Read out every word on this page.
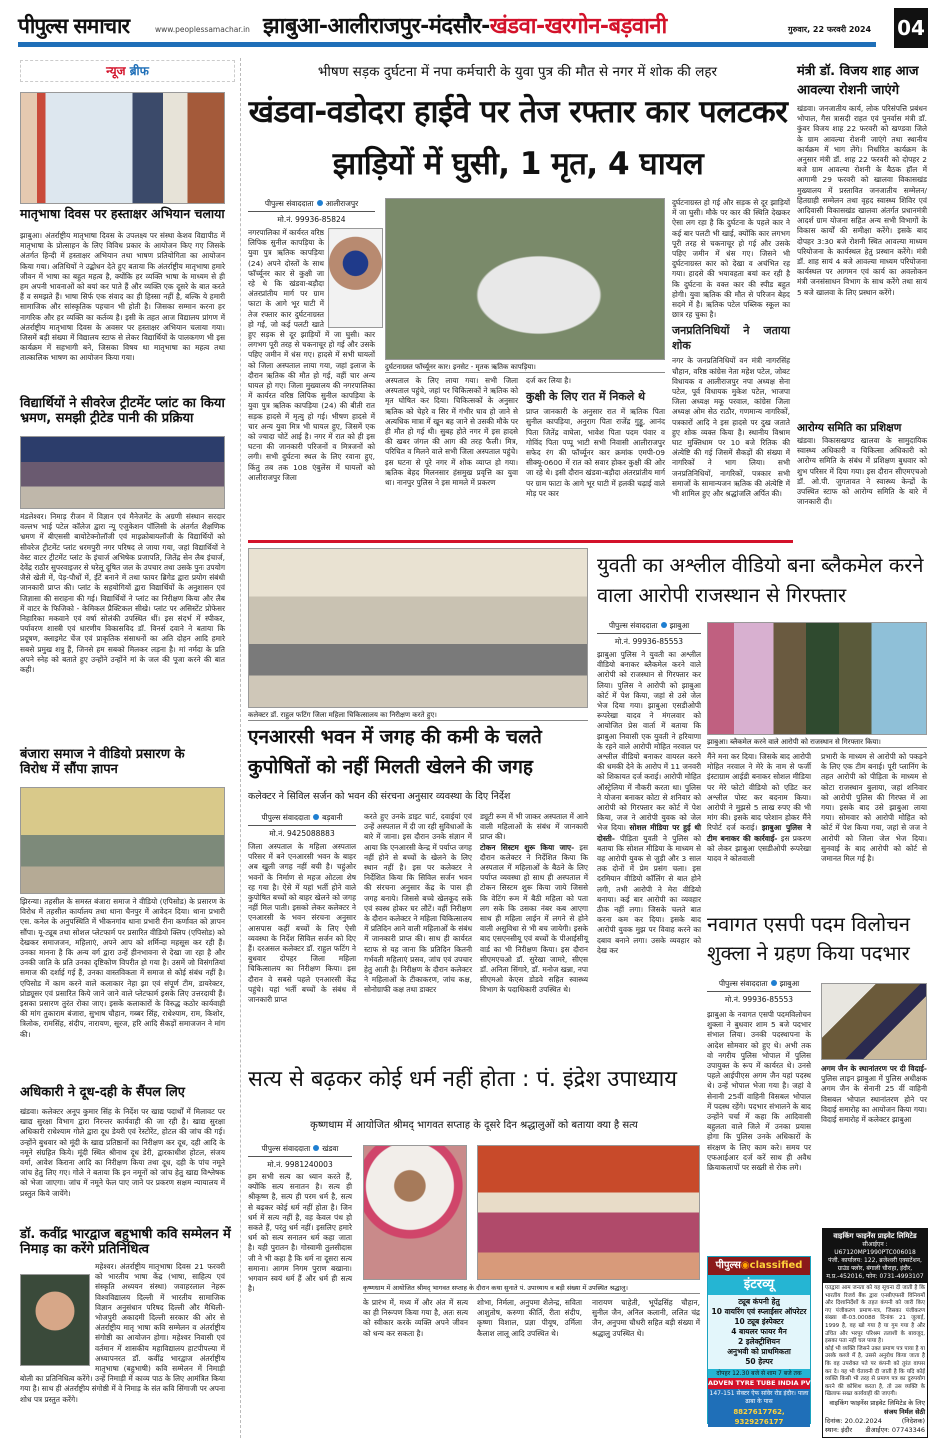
पीपुल्स समाचार	www.peoplessamachar.in झाबुआ-आलीराजपुर-मंदसौर-खंडवा-खरगोन-बड़वानी	गुरुवार, 22 फरवरी 2024 04
न्यूज ब्रीफ
मातृभाषा दिवस पर हस्ताक्षर अभियान चलाया
झाबुआ। अंतर्राष्ट्रीय मातृभाषा दिवस के उपलक्ष्य पर संस्था केशव विद्यापीठ में मातृभाषा के प्रोत्साहन के लिए विविध प्रकार के आयोजन किए गए जिसके अंतर्गत हिन्दी में हस्ताक्षर अभियान तथा भाषण प्रतियोगिता का आयोजन किया गया। अतिथियों ने उद्बोधन देते हुए बताया कि अंतर्राष्ट्रीय मातृभाषा हमारे जीवन में भाषा का बहुत महत्व है, क्योंकि हर व्यक्ति भाषा के माध्यम से ही हम अपनी भावनाओं को बयां कर पाते हैं और व्यक्ति एक दूसरे के बात करते हैं व समझते हैं। भाषा सिर्फ एक संवाद का ही हिस्सा नहीं है, बल्कि ये हमारी सामाजिक और सांस्कृतिक पहचान भी होती है। जिसका सम्मान करना हर नागरिक और हर व्यक्ति का कर्तव्य है। इसी के तहत आज विद्यालय प्रांगण में अंतर्राष्ट्रीय मातृभाषा दिवस के अवसर पर हस्ताक्षर अभियान चलाया गया। जिसमें बड़ी संख्या में विद्यालय स्टाफ से लेकर विद्यार्थियों के पालकगण भी इस कार्यक्रम में सहभागी बने, जिसका विषय था मातृभाषा का महत्व तथा तात्कालिक भाषण का आयोजन किया गया।
विद्यार्थियों ने सीवरेज ट्रीटमेंट प्लांट का किया भ्रमण, समझी ट्रीटेड पानी की प्रक्रिया
मंडलेश्वर। निमाड़ रीजन में विज्ञान एवं मैनेजमेंट के अग्रणी संस्थान सरदार वल्लभ भाई पटेल कॉलेज द्वारा न्यू एजुकेशन पॉलिसी के अंतर्गत शैक्षणिक भ्रमण में बीएससी बायोटेक्नोलॉजी एवं माइक्रोबायलॉजी के विद्यार्थियों को सीवरेज ट्रीटमेंट प्लांट धरमपुरी नगर परिषद ले जाया गया, जहां विद्यार्थियों ने वेस्ट वाटर ट्रीटमेंट प्लांट के इंचार्ज अभिषेक प्रजापति, जितेंद्र सेन लैब इंचार्ज, देवेंद्र राठौर सुपरवाइजर से घरेलू दूषित जल के उपचार तथा उसके पुनः उपयोग जैसे खेती में, पेड़-पौधों में, ईंटें बनाने में तथा फायर ब्रिगेड द्वारा प्रयोग संबंधी जानकारी प्राप्त की। प्लांट के सहयोगियों द्वारा विद्यार्थियों के अनुशासन एवं जिज्ञासा की सराहना की गई। विद्यार्थियों ने प्लांट का निरीक्षण किया और लैब में वाटर के फिजिको - केमिकल प्रैक्टिकल सीखे। प्लांट पर असिस्टेंट प्रोफेसर निहारिका मकवाने एवं वर्षा सोलंकी उपस्थित थीं। इस संदर्भ में स्पीकर, पर्यावरण शास्त्री एवं धारणीय विकासविद डॉ. विनर्स दवाने ने बताया कि प्रदूषण, क्लाइमेट चेंज एवं प्राकृतिक संसाधनों का अति दोहन आदि हमारे सबसे प्रमुख शत्रु हैं, जिनसे हम सबको मिलकर लड़ना है। मां नर्मदा के प्रति अपने स्नेह को बताते हुए उन्होंने उन्होंने मां के जल की पूजा करने की बात कही।
बंजारा समाज ने वीडियो प्रसारण के विरोध में सौंपा ज्ञापन
झिरन्या। तहसील के समस्त बंजारा समाज ने वीडियो (एपिसोड) के प्रसारण के विरोध में तहसील कार्यालय तथा थाना चैनपुर में आवेदन दिया। थाना प्रभारी एस. कनेल के अनुपस्थिति में भीकनगांव थाना प्रभारी रीना कर्णावत को ज्ञापन सौंपा। यू-ट्यूब तथा सोशल प्लेटफार्म पर प्रसारित वीडियो क्लिप (एपिसोड) को देखकर समाजजन, महिलाएं, अपने आप को शर्मिन्दा महसूस कर रही हैं। उनका मानना है कि अन्य वर्ग द्वारा उन्हें हीनभावना से देखा जा रहा है और उनकी जाति के प्रति उनका दृष्टिकोण विपरीत हो गया है। उसमें जो विसंगतियां समाज की दर्शाई गई हैं, उनका वास्तविकता में समाज से कोई संबंध नहीं है। एपिसोड में काम करने वाले कलाकार नेहा झा एवं संपूर्ण टीम, डायरेक्टर, प्रोड्यूसर एवं प्रसारित किये जाने जाने वाले प्लेटफार्म इसके लिए उत्तरदायी हैं। इसका प्रसारण तुरंत रोका जाए। इसके कलाकारों के विरुद्ध कठोर कार्यवाही की मांग तुकाराम बंजारा, सुभाष चौहान, गब्बर सिंह, राधेश्याम, राम, किशोर, त्रिलोक, रामसिंह, संदीप, नारायण, सूरज, हरि आदि सैकड़ों समाजजन ने मांग की।
अधिकारी ने दूध-दही के सैंपल लिए
खंडवा। कलेक्टर अनूप कुमार सिंह के निर्देश पर खाद्य पदार्थों में मिलावट पर खाद्य सुरक्षा विभाग द्वारा निरन्तर कार्यवाही की जा रही है। खाद्य सुरक्षा अधिकारी राधेश्याम गोले द्वारा दूध डेयरी एवं रेस्टोरेंट, होटल की जांच की गई। उन्होंने बुधवार को मूंदी के खाद्य प्रतिष्ठानों का निरीक्षण कर दूध, दही आदि के नमूने संग्रहित किये। मूंदी स्थित श्रीनाथ दूध डेरी, द्वारकाधीश होटल, संजय वर्मा, आवेश किराना आदि का निरीक्षण किया तथा दूध, दही के पांच नमूने जांच हेतु लिए गए। गोले ने बताया कि इन नमूनों को जांच हेतु खाद्य विश्लेषक को भेजा जाएगा। जांच में नमूने फेल पाए जाने पर प्रकरण सक्षम न्यायालय में प्रस्तुत किये जायेंगे।
डॉ. कवींद्र भारद्वाज बहुभाषी कवि सम्मेलन में निमाड़ का करेंगे प्रतिनिधित्व
महेश्वर। अंतर्राष्ट्रीय मातृभाषा दिवस 21 फरवरी को भारतीय भाषा केंद्र (भाषा, साहित्य एवं संस्कृति अध्ययन संस्था) जवाहरलाल नेहरू विश्वविद्यालय दिल्ली में भारतीय सामाजिक विज्ञान अनुसंधान परिषद दिल्ली और मैथिली-भोजपुरी अकादमी दिल्ली सरकार की ओर से अंतर्राष्ट्रीय मातृ भाषा कवि सम्मेलन व अंतर्राष्ट्रीय संगोष्ठी का आयोजन होगा। महेश्वर निवासी एवं वर्तमान में शासकीय महाविद्यालय हाटपीपल्या में अध्यापनरत डॉ. कवींद्र भारद्वाज अंतर्राष्ट्रीय मातृभाषा (बहुभाषी) कवि सम्मेलन में निमाड़ी बोली का प्रतिनिधित्व करेंगे। उन्हें निमाड़ी में काव्य पाठ के लिए आमंत्रित किया गया है। साथ ही अंतर्राष्ट्रीय संगोष्ठी में वे निमाड़ के संत कवि सिंगाजी पर अपना शोध पत्र प्रस्तुत करेंगे।
भीषण सड़क दुर्घटना में नपा कर्मचारी के युवा पुत्र की मौत से नगर में शोक की लहर
खंडवा-वडोदरा हाईवे पर तेज रफ्तार कार पलटकर झाड़ियों में घुसी, 1 मृत, 4 घायल
पीपुल्स संवाददाता आलीराजपुर
मो.नं. 99936-85824
नगरपालिका में कार्यरत वरिष्ठ लिपिक सुनील कापड़िया के युवा पुत्र ऋतिक कापड़िया (24) अपने दोस्तों के साथ फॉर्च्यूनर कार से कुक्षी जा रहे थे कि खंडवा-बड़ौदा अंतरप्रांतीय मार्ग पर ग्राम फाटा के आगे भूर घाटी में तेज रफ्तार कार दुर्घटनाग्रस्त हो गई, जो कई पलटी खाते हुए सड़क से दूर झाड़ियों में जा घुसी। कार लगभग पूरी तरह से चकनाचूर हो गई और उसके पहिए जमीन में धंस गए। हादसे में सभी घायलों को जिला अस्पताल लाया गया, जहां इलाज के दौरान ऋतिक की मौत हो गई, वहीं चार अन्य घायल हो गए। जिला मुख्यालय की नगरपालिका में कार्यरत वरिष्ठ लिपिक सुनील कापड़िया के युवा पुत्र ऋतिक कापड़िया (24) की बीती रात सड़क हादसे में मृत्यु हो गई। भीषण हादसे में चार अन्य युवा मित्र भी घायल हुए, जिसमें एक को ज्यादा चोटें आई है। नगर में रात को ही इस घटना की जानकारी परिजनों व मित्रजनों को लगी। सभी दुर्घटना स्थल के लिए रवाना हुए, किंतु तब तक 108 एंबुलेंस में घायलों को आलीराजपुर जिला
दुर्घटनाग्रस्त फॉर्च्यूनर कार। इनसेट - मृतक ऋतिक कापड़िया।
अस्पताल के लिए लाया गया। सभी जिला अस्पताल पहुंचे, जहां पर चिकित्सकों ने ऋतिक को मृत घोषित कर दिया। चिकित्सकों के अनुसार ऋतिक को चेहरे व सिर में गंभीर घाव हो जाने से अत्यधिक मात्रा में खून बह जाने से उसकी मौके पर ही मौत हो गई थी। सुबह होते नगर में इस हादसे की खबर जंगल की आग की तरह फैली। मित्र, परिचित व मिलने वाले सभी जिला अस्पताल पहुंचे। इस घटना से पूरे नगर में शोक व्याप्त हो गया। ऋतिक बेहद मिलनसार हंसमुख प्रवृत्ति का युवा था। नानपुर पुलिस ने इस मामले में प्रकरण
दर्ज कर लिया है।
कुक्षी के लिए रात में निकले थे
प्राप्त जानकारी के अनुसार रात में ऋतिक पिता सुनील कापड़िया, अनुराग पिता राजेंद्र गुड्डू, आनंद पिता जितेंद्र वाघेला, भावेश पिता पदम पंवार व गोविंद पिता पप्पू भाटी सभी निवासी आलीराजपुर सफेद रंग की फॉर्च्यूनर कार क्रमांक एमपी-09 सीक्यू-0600 में रात को सवार होकर कुक्षी की ओर जा रहे थे। इसी दौरान खंडवा-बड़ौदा अंतरप्रांतीय मार्ग पर ग्राम फाटा के आगे भूर घाटी में हलकी चढ़ाई वाले मोड़ पर कार
दुर्घटनाग्रस्त हो गई और सड़क से दूर झाड़ियों में जा घुसी। मौके पर कार की स्थिति देखकर ऐसा लग रहा है कि दुर्घटना के पहले कार ने कई बार पलटी भी खाई, क्योंकि कार लगभग पूरी तरह से चकनाचूर हो गई और उसके पहिए जमीन में धंस गए। जिसने भी दुर्घटनाग्रस्त कार को देखा व अचंभित रह गया। हादसे की भयावहता बयां कर रही है कि दुर्घटना के वक्त कार की स्पीड बहुत होगी। युवा ऋतिक की मौत से परिजन बेहद सदमे में है। ऋतिक पटेल पब्लिक स्कूल का छात्र रह चुका है।
जनप्रतिनिधियों ने जताया शोक
नगर के जनप्रतिनिधियों वन मंत्री नागरसिंह चौहान, वरिष्ठ कांग्रेस नेता महेश पटेल, जोबट विधायक व आलीराजपुर नपा अध्यक्ष सेना पटेल, पूर्व विधायक मुकेश पटेल, भाजपा जिला अध्यक्ष मकू परवाल, कांग्रेस जिला अध्यक्ष ओम सेठ राठौर, गणमान्य नागरिकों, पत्रकारों आदि ने इस हादसे पर दुख जताते हुए शोक व्यक्त किया है। स्थानीय विश्राम घाट मुक्तिधाम पर 10 बजे रितिक की अंत्येष्टि की गई जिसमें सैकड़ों की संख्या में नागरिकों ने भाग लिया। सभी जनप्रतिनिधियों, नागरिकों, पत्रकार सभी समाजों के सामान्यजन ऋतिक की अंत्येष्टि में भी शामिल हुए और श्रद्धांजलि अर्पित की।
मंत्री डॉ. विजय शाह आज आवल्या रोशनी जाएंगे
खंडवा। जनजातीय कार्य, लोक परिसंपत्ति प्रबंधन भोपाल, गैस त्रासदी राहत एवं पुनर्वास मंत्री डॉ. कुंवर विजय शाह 22 फरवरी को खण्डवा जिले के ग्राम आवल्या रोशनी जाएंगे तथा स्थानीय कार्यक्रम में भाग लेंगे। निर्धारित कार्यक्रम के अनुसार मंत्री डॉ. शाह 22 फरवरी को दोपहर 2 बजे ग्राम आवल्या रोशनी के बैठक हॉल में आगामी 29 फरवरी को खालवा विकासखंड मुख्यालय में प्रस्तावित जनजातीय सम्मेलन/हितग्राही सम्मेलन तथा वृहद स्वास्थ्य शिविर एवं आदिवासी विकासखंड खालवा अंतर्गत प्रधानमंत्री आदर्श ग्राम योजना सहित अन्य सभी विभागों के विकास कार्यों की समीक्षा करेंगे। इसके बाद दोपहर 3:30 बजे रोशनी स्थित आवल्या माध्यम परियोजना के कार्यस्थल हेतु प्रस्थान करेंगे। मंत्री डॉ. शाह सायं 4 बजे आवल्या माध्यम परियोजना कार्यस्थल पर आगमन एवं कार्य का अवलोकन मंत्री जनसंसाधन विभाग के साथ करेंगे तथा सायं 5 बजे खालवा के लिए प्रस्थान करेंगे।
आरोग्य समिति का प्रशिक्षण
खंडवा। विकासखण्ड खालवा के सामुदायिक स्वास्थ्य अधिकारी व चिकित्सा अधिकारी को आरोग्य समिति के संबंध में प्रशिक्षण बुधवार को शुभ परिसर में दिया गया। इस दौरान सीएमएचओ डॉ. ओ.पी. जुगतावत ने स्वास्थ्य केन्द्रों के उपस्थित स्टाफ को आरोग्य समिति के बारे में जानकारी दी।
कलेक्टर डॉ. राहुल फटिंग जिला महिला चिकित्सालय का निरीक्षण करते हुए।
एनआरसी भवन में जगह की कमी के चलते कुपोषितों को नहीं मिलती खेलने की जगह
कलेक्टर ने सिविल सर्जन को भवन की संरचना अनुसार व्यवस्था के दिए निर्देश
पीपुल्स संवाददाता बड़वानी
मो.नं. 9425088883
जिला अस्पताल के महिला अस्पताल परिसर में बने एनआरसी भवन के बाहर अब खुली जगह नहीं बची है। चहुंओर भवनों के निर्माण से महज ओटला शेष रह गया है। ऐसे में यहां भर्ती होने वाले कुपोषित बच्चों को बाहर खेलने को जगह नहीं मिल पाती। इसको लेकर कलेक्टर ने एनआरसी के भवन संरचना अनुसार आसपास कहीं बच्चों के लिए ऐसी व्यवस्था के निर्देश सिविल सर्जन को दिए हैं। दरअसल कलेक्टर डॉ. राहुल फटिंग ने बुधवार दोपहर जिला महिला चिकित्सालय का निरीक्षण किया। इस दौरान वे सबसे पहले एनआरसी केंद्र पहुंचे। यहां भर्ती बच्चों के संबंध में जानकारी प्राप्त
करते हुए उनके डाइट चार्ट, दवाईयां एवं उन्हें अस्पताल में दी जा रही सुविधाओं के बारे में जाना। इस दौरान उनके संज्ञान में आया कि एनआरसी केन्द्र में पर्याप्त जगह नहीं होने से बच्चों के खेलने के लिए स्थान नहीं है। इस पर कलेक्टर ने निर्देशित किया कि सिविल सर्जन भवन की संरचना अनुसार केंद्र के पास ही जगह बनाये। जिससे बच्चे खेलकूद सकें एवं स्वस्थ होकर घर लौटें। वहीं निरीक्षण के दौरान कलेक्टर ने महिला चिकित्सालय में प्रतिदिन आने वाली महिलाओं के संबंध में जानकारी प्राप्त की। साथ ही कार्यरत स्टाफ से यह जाना कि प्रतिदिन कितनी गर्भवती महिलाएं प्रसव, जांच एवं उपचार हेतु आती है। निरीक्षण के दौरान कलेक्टर ने महिलाओं के टीकाकरण, जांच कक्ष, सोनोग्राफी कक्ष तथा डाक्टर
ड्यूटी रूम में भी जाकर अस्पताल में आने वाली महिलाओं के संबंध में जानकारी प्राप्त की।
टोकन सिस्टम शुरू किया जाए- इस दौरान कलेक्टर ने निर्देशित किया कि अस्पताल में महिलाओं के बैठने के लिए पर्याप्त व्यवस्था हो साथ ही अस्पताल में टोकन सिस्टम शुरू किया जाये जिससे कि वेटिंग रूम में बैठी महिला को पता लग सके कि उसका नंबर कब आएगा साथ ही महिला लाईन में लगने से होने वाली असुविधा से भी बच जायेगी। इसके बाद एसएनसीयू एवं बच्चों के पीआईसीयू वार्ड का भी निरीक्षण किया। इस दौरान सीएमएचओ डॉ. सुरेखा जामरे, सीएस डॉ. अनिता सिंगारे, डॉ. मनोज खन्ना, नपा सीएमओ केएस डोडवे सहित स्वास्थ्य विभाग के पदाधिकारी उपस्थित थे।
युवती का अश्लील वीडियो बना ब्लैकमेल करने वाला आरोपी राजस्थान से गिरफ्तार
पीपुल्स संवाददाता झाबुआ
मो.नं. 99936-85553
झाबुआ पुलिस ने युवती का अश्लील वीडियो बनाकर ब्लैकमेल करने वाले आरोपी को राजस्थान से गिरफ्तार कर लिया। पुलिस ने आरोपी को झाबुआ कोर्ट में पेश किया, जहां से उसे जेल भेज दिया गया। झाबुआ एसडीओपी रूपरेखा यादव ने मंगलवार को आयोजित प्रेस वार्ता में बताया कि झाबुआ निवासी एक युवती ने हरियाणा के रहने वाले आरोपी मोहित नरवाल पर अश्लील वीडियो बनाकर वायरल करने की धमकी देने के आरोप में 11 जनवरी को शिकायत दर्ज कराई। आरोपी मोहित ऑस्ट्रेलिया में नौकरी करता था। पुलिस ने योजना बनाकर कोटा से शनिवार को आरोपी को गिरफ्तार कर कोर्ट में पेश किया, जज ने आरोपी युवक को जेल भेज दिया। सोशल मीडिया पर हुई थी दोस्ती- पीड़िता युवती ने पुलिस को बताया कि सोशल मीडिया के माध्यम से वह आरोपी युवक से जुड़ी और 3 साल तक दोनों में प्रेम प्रसंग चला। इस दरमियान वीडियो कॉलिंग से बात होने लगी, तभी आरोपी ने मेरा वीडियो बनाया। कई बार आरोपी का व्यवहार ठीक नहीं लगा। जिसके चलते बात करना कम कर दिया। इसके बाद आरोपी युवक मुझ पर विवाह करने का दबाव बनाने लगा। उसके व्यवहार को देख कर
झाबुआ। ब्लैकमेल करने वाले आरोपी को राजस्थान से गिरफ्तार किया।
मैंने मना कर दिया। जिसके बाद आरोपी मोहित नरवाल ने मेरे के नाम से फर्जी इंस्टाग्राम आईडी बनाकर सोशल मीडिया पर मेरे फोटो वीडियो को एडिट कर अश्लील पोस्ट कर बदनाम किया। आरोपी ने मुझसे 5 लाख रुपए की भी मांग की। इसके बाद परेशान होकर मैंने रिपोर्ट दर्ज कराई। झाबुआ पुलिस ने टीम बनाकर की कार्रवाई- इस प्रकरण को लेकर झाबुआ एसडीओपी रूपरेखा यादव ने कोतवाली
प्रभारी के माध्यम से आरोपी को पकड़ने के लिए एक टीम बनाई। पूरी प्लानिंग के तहत आरोपी को पीड़िता के माध्यम से कोटा राजस्थान बुलाया, जहां शनिवार को आरोपी पुलिस की गिरफ्त में आ गया। इसके बाद उसे झाबुआ लाया गया। सोमवार को आरोपी मोहित को कोर्ट में पेश किया गया, जहां से जज ने आरोपी को जिला जेल भेज दिया। सुनवाई के बाद आरोपी को कोर्ट से जमानत मिल गई है।
नवागत एसपी पदम विलोचन शुक्ला ने ग्रहण किया पदभार
पीपुल्स संवाददाता झाबुआ
मो.नं. 99936-85553
झाबुआ के नवागत एसपी पदमविलोचन शुक्ला ने बुधवार शाम 5 बजे पदभार संभाल लिया। उनकी पदस्थापना के आदेश सोमवार को हुए थे। अभी तक वो नगरीय पुलिस भोपाल में पुलिस उपायुक्त के रूप में कार्यरत थे। उनसे पहले आईपीएस अगम जैन यहां पदस्थ थे। उन्हें भोपाल भेजा गया है। जहां वे सेनानी 25वीं वाहिनी विसबल भोपाल में पदस्थ रहेंगे। पदभार संभालने के बाद उन्होंने चर्चा में कहा कि आदिवासी बहुलता वाले जिले में उनका प्रयास होगा कि पुलिस उनके अधिकारों के संरक्षण के लिए काम करे। समय पर एफआईआर दर्ज करें साथ ही अवैध क्रियाकलापों पर सख्ती से रोक लगे।
अगम जैन के स्थानांतरण पर दी विदाई- पुलिस लाइन झाबुआ में पुलिस अधीक्षक अगम जैन के सेनानी 25 वीं वाहिनी विसबल भोपाल स्थानांतरण होने पर विदाई समारोह का आयोजन किया गया। विदाई समारोह में कलेक्टर झाबुआ
सत्य से बढ़कर कोई धर्म नहीं होता : पं. इंद्रेश उपाध्याय
कृष्णधाम में आयोजित श्रीमद् भागवत सप्ताह के दूसरे दिन श्रद्धालुओं को बताया क्या है सत्य
पीपुल्स संवाददाता खंडवा
मो.नं. 9981240003
हम सभी सत्य का ध्यान करते हैं, क्योंकि सत्य सनातन है। सत्य ही श्रीकृष्ण है, सत्य ही परम धर्म है, सत्य से बढ़कर कोई धर्म नहीं होता है। जिन धर्म में सत्य नहीं है, वह केवल पंथ हो सकते हैं, परंतु धर्म नहीं। इसलिए हमारे धर्म को सत्य सनातन धर्म कहा जाता है। यही पुरातन है। गोस्वामी तुलसीदास जी ने भी कहा है कि धर्म ना दूसरा सत्य समाना। आगम निगम पुराण बखाना। भगवान स्वयं धर्म हैं और धर्म ही सत्य है।	कृष्णधाम में आयोजित श्रीमद् भागवत सप्ताह के दौरान कथा सुनाते पं. उपाध्याय व बड़ी संख्या में उपस्थित श्रद्धालु।
के प्रारंभ में, मध्य में और अंत में सत्य का ही निरूपण किया गया है, अतः सत्य को स्वीकार करके व्यक्ति अपने जीवन को धन्य कर सकता है।
शोभा, निर्मला, अनुपमा शैलेन्द्र, सविता आशुतोष, करुणा कीर्ति, रीता संदीप, कृष्णा विशाल, प्रज्ञा पीयूष, उर्मिला कैलाश लालू आदि उपस्थित थे।
नारायण चाहेती, भूपेंद्रसिंह चौहान, सुनील जैन, अनिल कलानी, ललित चंद्र जैन, अनुपमा चौधरी सहित बड़ी संख्या में श्रद्धालु उपस्थित थे।
पीपुल्स◉classified
इंटरव्यू
ट्यूब कंपनी हेतु
10 वायरिंग एवं स्प्लाईसर ऑपरेटर
10 ट्यूब इंस्पेक्टर
4 बायलर फायर मैन
2 इलेक्ट्रीशियन
अनुभवी को प्राथमिकता
50 हेल्पर
दोपहर 12.30 बजे से शाम 7 बजे तक
ADVEN TYRE TUBE INDIA PVT LTD
147-151 सेक्टर ऐफ सांवेर रोड इंदौर। पाला ढाबा के पास
8827617762, 9329276177
वाइकिंग फाइनेंस प्राइवेट लिमिटेड
सीआईएन : U67120MP1990PTC006018
पंजी. कार्यालय: 122, ब्रजेश्वरी एक्सटेंशन, ग्राउंड फ्लोर, बंगाली चौराहा, इंदौर, म.प्र.-452016, फोन: 0731-4993107
एतद्वारा आम जनता को यह सूचना दी जाती है कि भारतीय रिजर्व बैंक द्वारा एनबीएफसी विनियमों और दिशानिर्देशों के तहत कंपनी को जारी किए गए पंजीकरण प्रमाण-पत्र, जिसका पंजीकरण संख्या बी-03.00088 दिनांक 21 जुलाई, 1999 है, वह खो गया है या गुम गया है और उचित और भरपूर परिश्रम तलाशी के बावजूद, इसका पता नहीं चल पाया है।
कोई भी व्यक्ति जिसने उक्त प्रमाण पत्र पाया है या उसके कब्जे में है, उससे अनुरोध किया जाता है कि वह उपरोक्त पते पर कंपनी को तुरंत वापस कर दे। यह भी चेतावनी दी जाती है कि यदि कोई व्यक्ति किसी भी तरह से प्रमाण पत्र का दुरुपयोग करने की कोशिश करता है, तो उस व्यक्ति के खिलाफ सख्त कार्यवाही की जाएगी।
वाइकिंग फाइनेंस प्राइवेट लिमिटेड के लिए
संजय निर्मल सेठी
दिनांक: 20.02.2024	(निदेशक)
स्थान: इंदौर डीआईएन: 07743346
